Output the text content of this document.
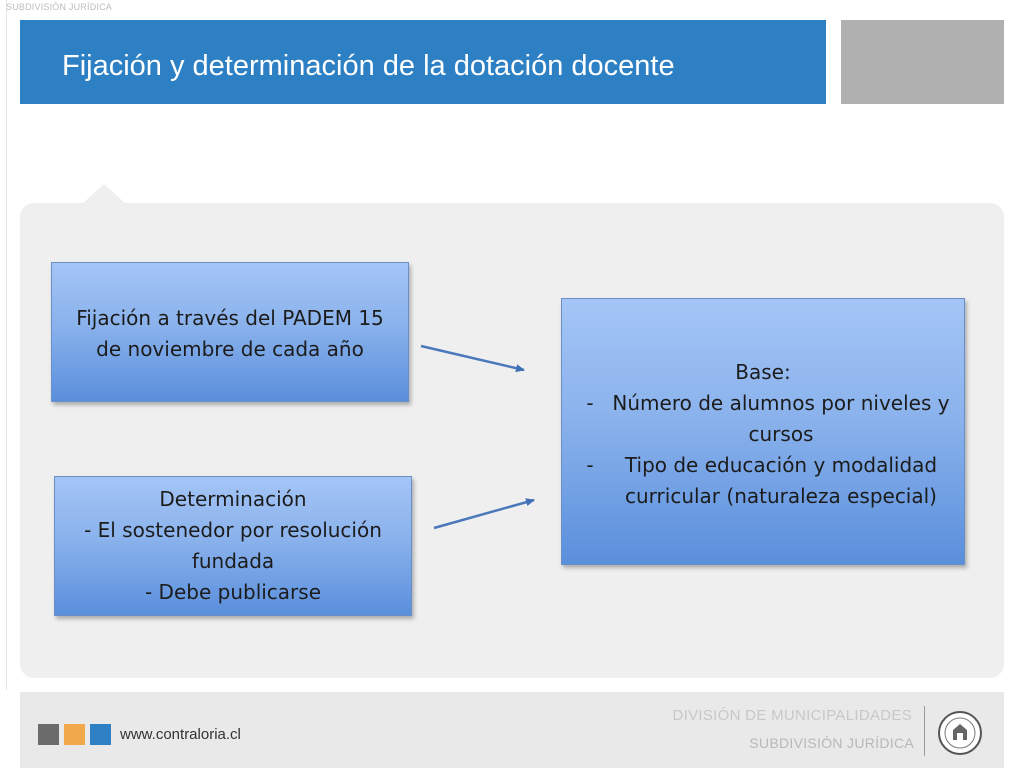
SUBDIVISIÓN JURÍDICA
Fijación y determinación de la dotación docente
Fijación a través del PADEM 15
de noviembre de cada año
Determinación
- El sostenedor por resolución
fundada
- Debe publicarse
Base:
- Número de alumnos por niveles y
cursos
-	Tipo de educación y modalidad
curricular (naturaleza especial)
www.contraloria.cl
DIVISIÓN DE MUNICIPALIDADES
SUBDIVISIÓN JURÍDICA
